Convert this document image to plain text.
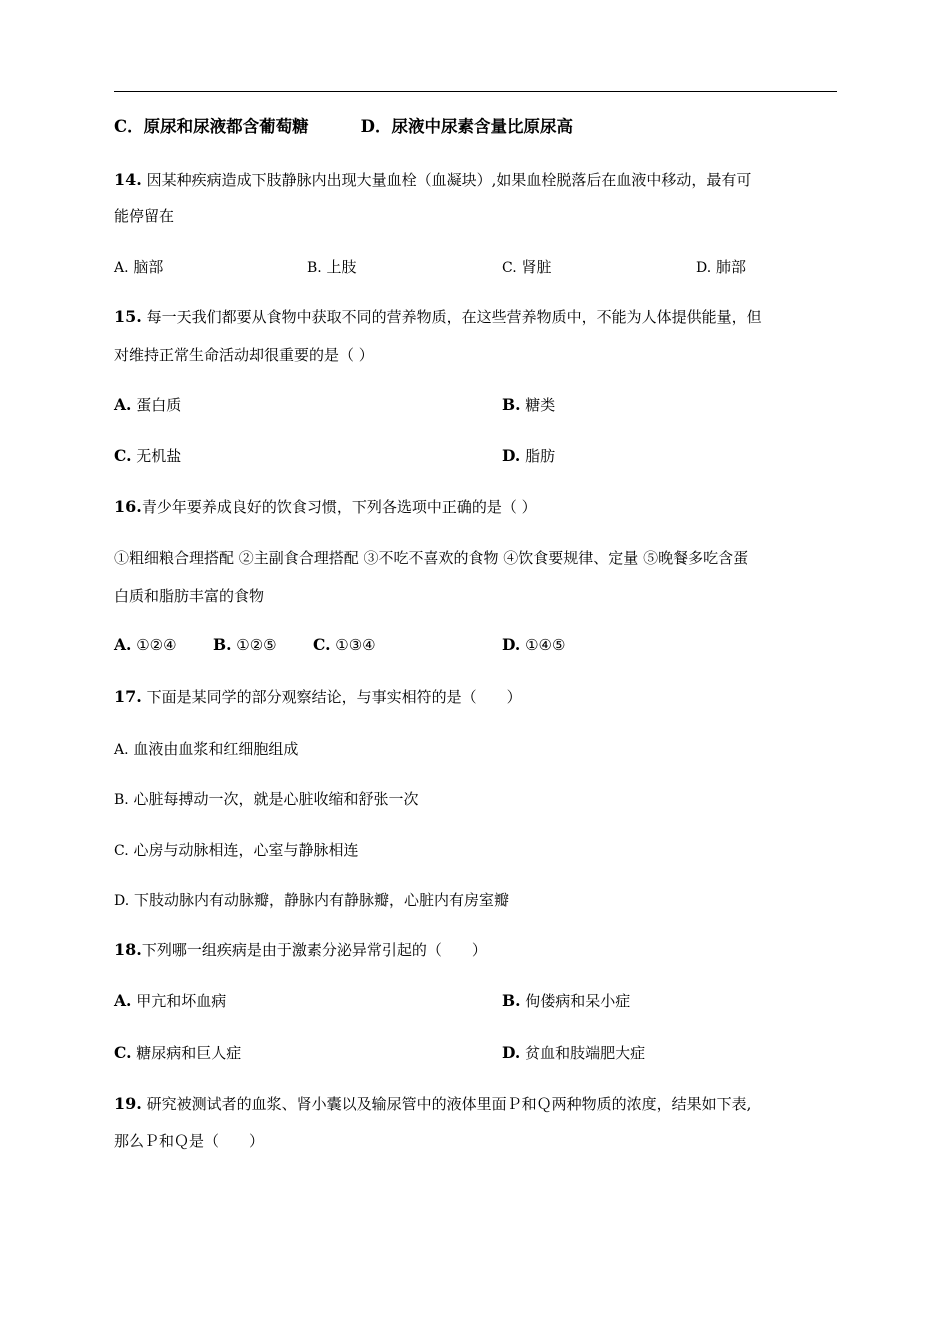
C．原尿和尿液都含葡萄糖	D．尿液中尿素含量比原尿高
14. 因某种疾病造成下肢静脉内出现大量血栓（血凝块）,如果血栓脱落后在血液中移动，最有可
能停留在
A. 脑部	B. 上肢	C. 肾脏	D. 肺部
15. 每一天我们都要从食物中获取不同的营养物质，在这些营养物质中，不能为人体提供能量，但
对维持正常生命活动却很重要的是（ ）
A. 蛋白质	B. 糖类
C. 无机盐	D. 脂肪
16.青少年要养成良好的饮食习惯，下列各选项中正确的是（ ）
①粗细粮合理搭配 ②主副食合理搭配 ③不吃不喜欢的食物 ④饮食要规律、定量 ⑤晚餐多吃含蛋
白质和脂肪丰富的食物
A. ①②④ B. ①②⑤ C. ①③④	D. ①④⑤
17. 下面是某同学的部分观察结论，与事实相符的是（　　）
A. 血液由血浆和红细胞组成
B. 心脏每搏动一次，就是心脏收缩和舒张一次
C. 心房与动脉相连，心室与静脉相连
D. 下肢动脉内有动脉瓣，静脉内有静脉瓣，心脏内有房室瓣
18.下列哪一组疾病是由于激素分泌异常引起的（　　）
A. 甲亢和坏血病	B. 佝偻病和呆小症
C. 糖尿病和巨人症	D. 贫血和肢端肥大症
19. 研究被测试者的血浆、肾小囊以及输尿管中的液体里面Ｐ和Ｑ两种物质的浓度，结果如下表,
那么Ｐ和Ｑ是（　　）
